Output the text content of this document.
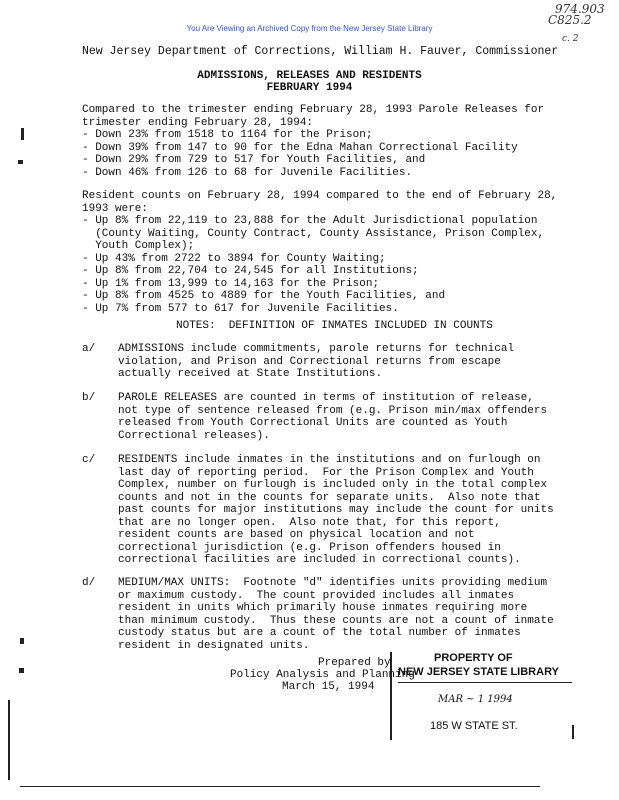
974.903
C825.2
c. 2
You Are Viewing an Archived Copy from the New Jersey State Library
New Jersey Department of Corrections, William H. Fauver, Commissioner
ADMISSIONS, RELEASES AND RESIDENTS
FEBRUARY 1994
Compared to the trimester ending February 28, 1993 Parole Releases for
trimester ending February 28, 1994:
- Down 23% from 1518 to 1164 for the Prison;
- Down 39% from 147 to 90 for the Edna Mahan Correctional Facility
- Down 29% from 729 to 517 for Youth Facilities, and
- Down 46% from 126 to 68 for Juvenile Facilities.
Resident counts on February 28, 1994 compared to the end of February 28,
1993 were:
- Up 8% from 22,119 to 23,888 for the Adult Jurisdictional population
(County Waiting, County Contract, County Assistance, Prison Complex,
Youth Complex);
- Up 43% from 2722 to 3894 for County Waiting;
- Up 8% from 22,704 to 24,545 for all Institutions;
- Up 1% from 13,999 to 14,163 for the Prison;
- Up 8% from 4525 to 4889 for the Youth Facilities, and
- Up 7% from 577 to 617 for Juvenile Facilities.
NOTES:  DEFINITION OF INMATES INCLUDED IN COUNTS
a/ ADMISSIONS include commitments, parole returns for technical
violation, and Prison and Correctional returns from escape
actually received at State Institutions.
b/ PAROLE RELEASES are counted in terms of institution of release,
not type of sentence released from (e.g. Prison min/max offenders
released from Youth Correctional Units are counted as Youth
Correctional releases).
c/ RESIDENTS include inmates in the institutions and on furlough on
last day of reporting period.  For the Prison Complex and Youth
Complex, number on furlough is included only in the total complex
counts and not in the counts for separate units.  Also note that
past counts for major institutions may include the count for units
that are no longer open.  Also note that, for this report,
resident counts are based on physical location and not
correctional jurisdiction (e.g. Prison offenders housed in
correctional facilities are included in correctional counts).
d/ MEDIUM/MAX UNITS:  Footnote "d" identifies units providing medium
or maximum custody.  The count provided includes all inmates
resident in units which primarily house inmates requiring more
than minimum custody.  Thus these counts are not a count of inmate
custody status but are a count of the total number of inmates
resident in designated units.
Prepared by
Policy Analysis and Planning
March 15, 1994
PROPERTY OF
NEW JERSEY STATE LIBRARY
MAR ~ 1 1994
185 W STATE ST.
